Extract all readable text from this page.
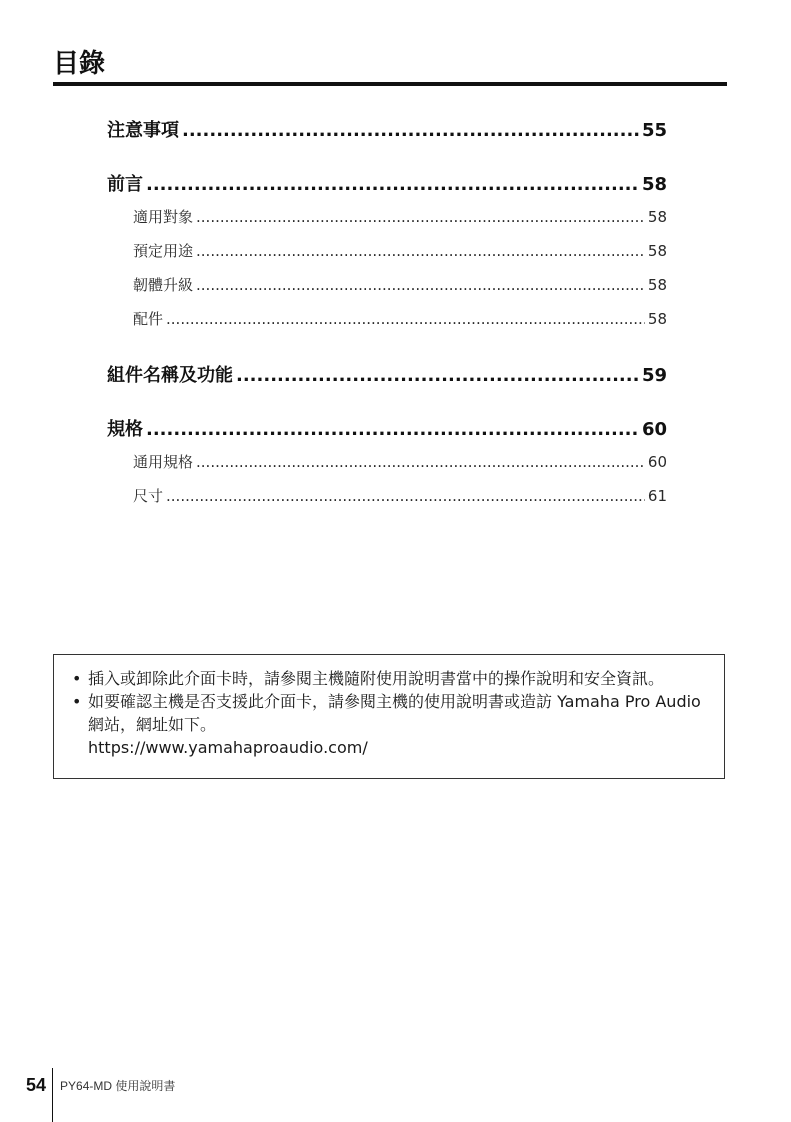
目錄
注意事項 .....	55
前言 .....	58
適用對象 .....	58
預定用途 .....	58
韌體升級 .....	58
配件 .....	58
組件名稱及功能 .....	59
規格 .....	60
通用規格 .....	60
尺寸 .....	61
• 插入或卸除此介面卡時，請參閱主機隨附使用說明書當中的操作說明和安全資訊。
• 如要確認主機是否支援此介面卡，請參閱主機的使用說明書或造訪 Yamaha Pro Audio 網站，網址如下。
https://www.yamahaproaudio.com/
54	PY64-MD 使用說明書
